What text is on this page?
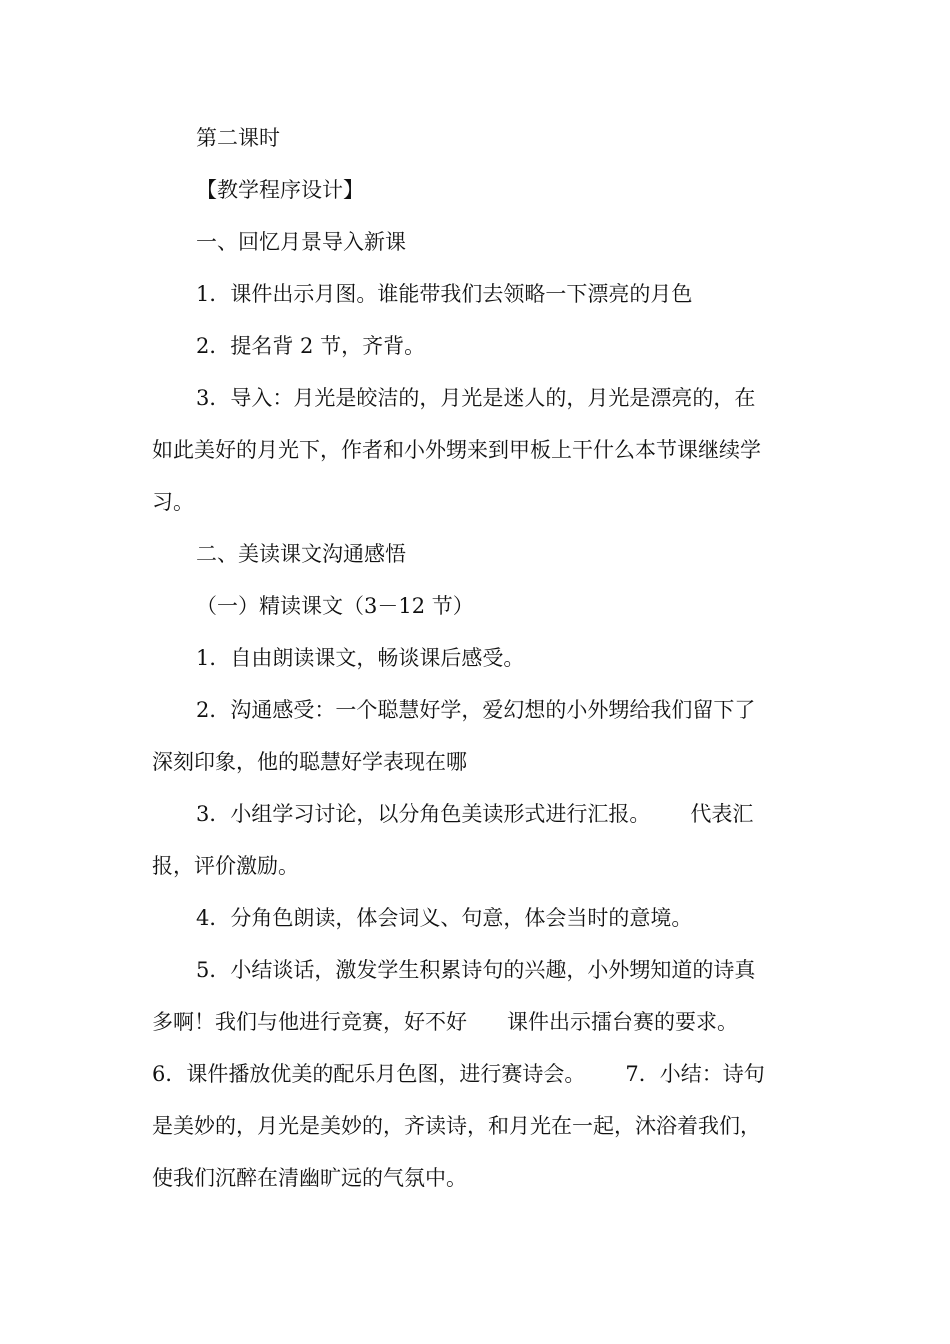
第二课时

【教学程序设计】

一、回忆月景导入新课

1．课件出示月图。谁能带我们去领略一下漂亮的月色

2．提名背 2 节，齐背。

3．导入：月光是皎洁的，月光是迷人的，月光是漂亮的，在

如此美好的月光下，作者和小外甥来到甲板上干什么本节课继续学

习。

二、美读课文沟通感悟

（一）精读课文（3－12 节）

1．自由朗读课文，畅谈课后感受。

2．沟通感受：一个聪慧好学，爱幻想的小外甥给我们留下了

深刻印象，他的聪慧好学表现在哪

3．小组学习讨论，以分角色美读形式进行汇报。      代表汇

报，评价激励。

4．分角色朗读，体会词义、句意，体会当时的意境。

5．小结谈话，激发学生积累诗句的兴趣，小外甥知道的诗真

多啊！我们与他进行竞赛，好不好      课件出示擂台赛的要求。

6．课件播放优美的配乐月色图，进行赛诗会。      7．小结：诗句

是美妙的，月光是美妙的，齐读诗，和月光在一起，沐浴着我们，

使我们沉醉在清幽旷远的气氛中。
